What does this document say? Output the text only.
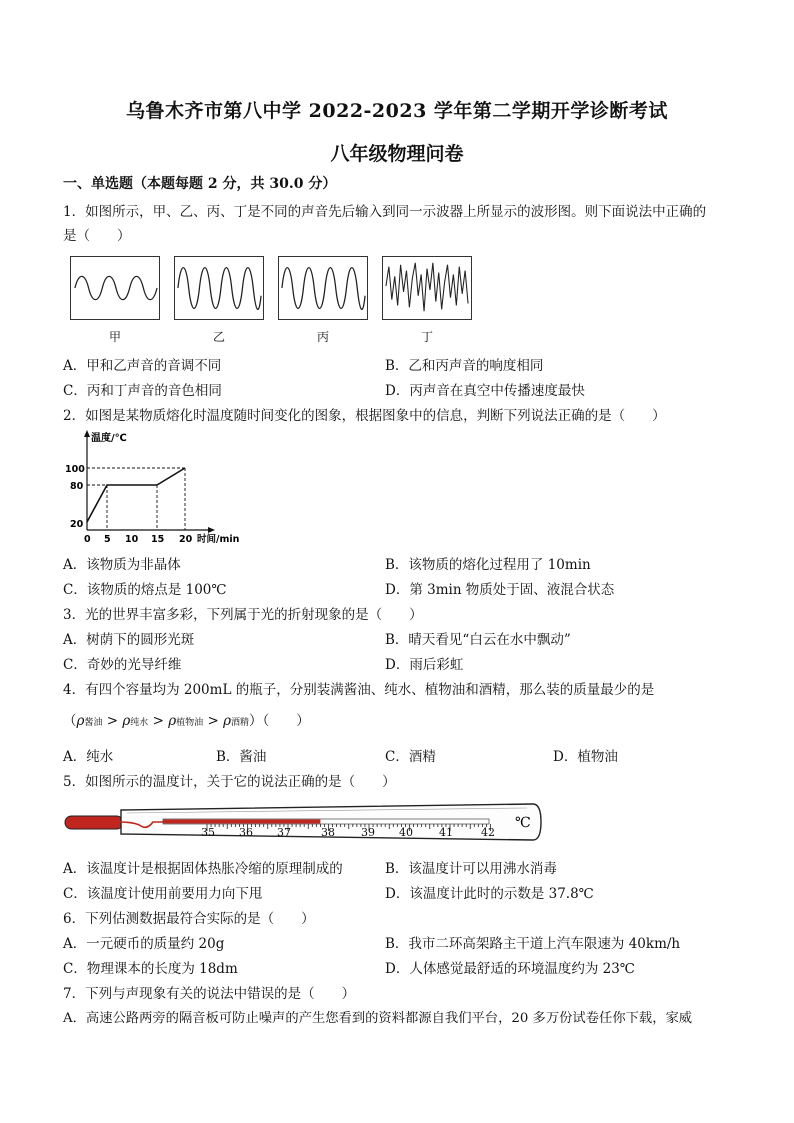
乌鲁木齐市第八中学 2022-2023 学年第二学期开学诊断考试
八年级物理问卷
一、单选题（本题每题 2 分，共 30.0 分）
1．如图所示，甲、乙、丙、丁是不同的声音先后输入到同一示波器上所显示的波形图。则下面说法中正确的
是（　　）
甲	乙	丙	丁
A．甲和乙声音的音调不同	B．乙和丙声音的响度相同
C．丙和丁声音的音色相同	D．丙声音在真空中传播速度最快
2．如图是某物质熔化时温度随时间变化的图象，根据图象中的信息，判断下列说法正确的是（　　）
温度/℃
100
80
20
0 5 10 15 20 时间/min
A．该物质为非晶体	B．该物质的熔化过程用了 10min
C．该物质的熔点是 100℃	D．第 3min 物质处于固、液混合状态
3．光的世界丰富多彩，下列属于光的折射现象的是（　　）
A．树荫下的圆形光斑	B．晴天看见“白云在水中飘动”
C．奇妙的光导纤维	D．雨后彩虹
4．有四个容量均为 200mL 的瓶子，分别装满酱油、纯水、植物油和酒精，那么装的质量最少的是
（ρ酱油 > ρ纯水 > ρ植物油 > ρ酒精）（　　）
A．纯水	B．酱油	C．酒精	D．植物油
5．如图所示的温度计，关于它的说法正确的是（　　）
35 36 37	38 39 40 41	42
℃
A．该温度计是根据固体热胀冷缩的原理制成的	B．该温度计可以用沸水消毒
C．该温度计使用前要用力向下甩	D．该温度计此时的示数是 37.8℃
6．下列估测数据最符合实际的是（　　）
A．一元硬币的质量约 20g	B．我市二环高架路主干道上汽车限速为 40km/h
C．物理课本的长度为 18dm	D．人体感觉最舒适的环境温度约为 23℃
7．下列与声现象有关的说法中错误的是（　　）
A．高速公路两旁的隔音板可防止噪声的产生您看到的资料都源自我们平台，20 多万份试卷任你下载，家威
